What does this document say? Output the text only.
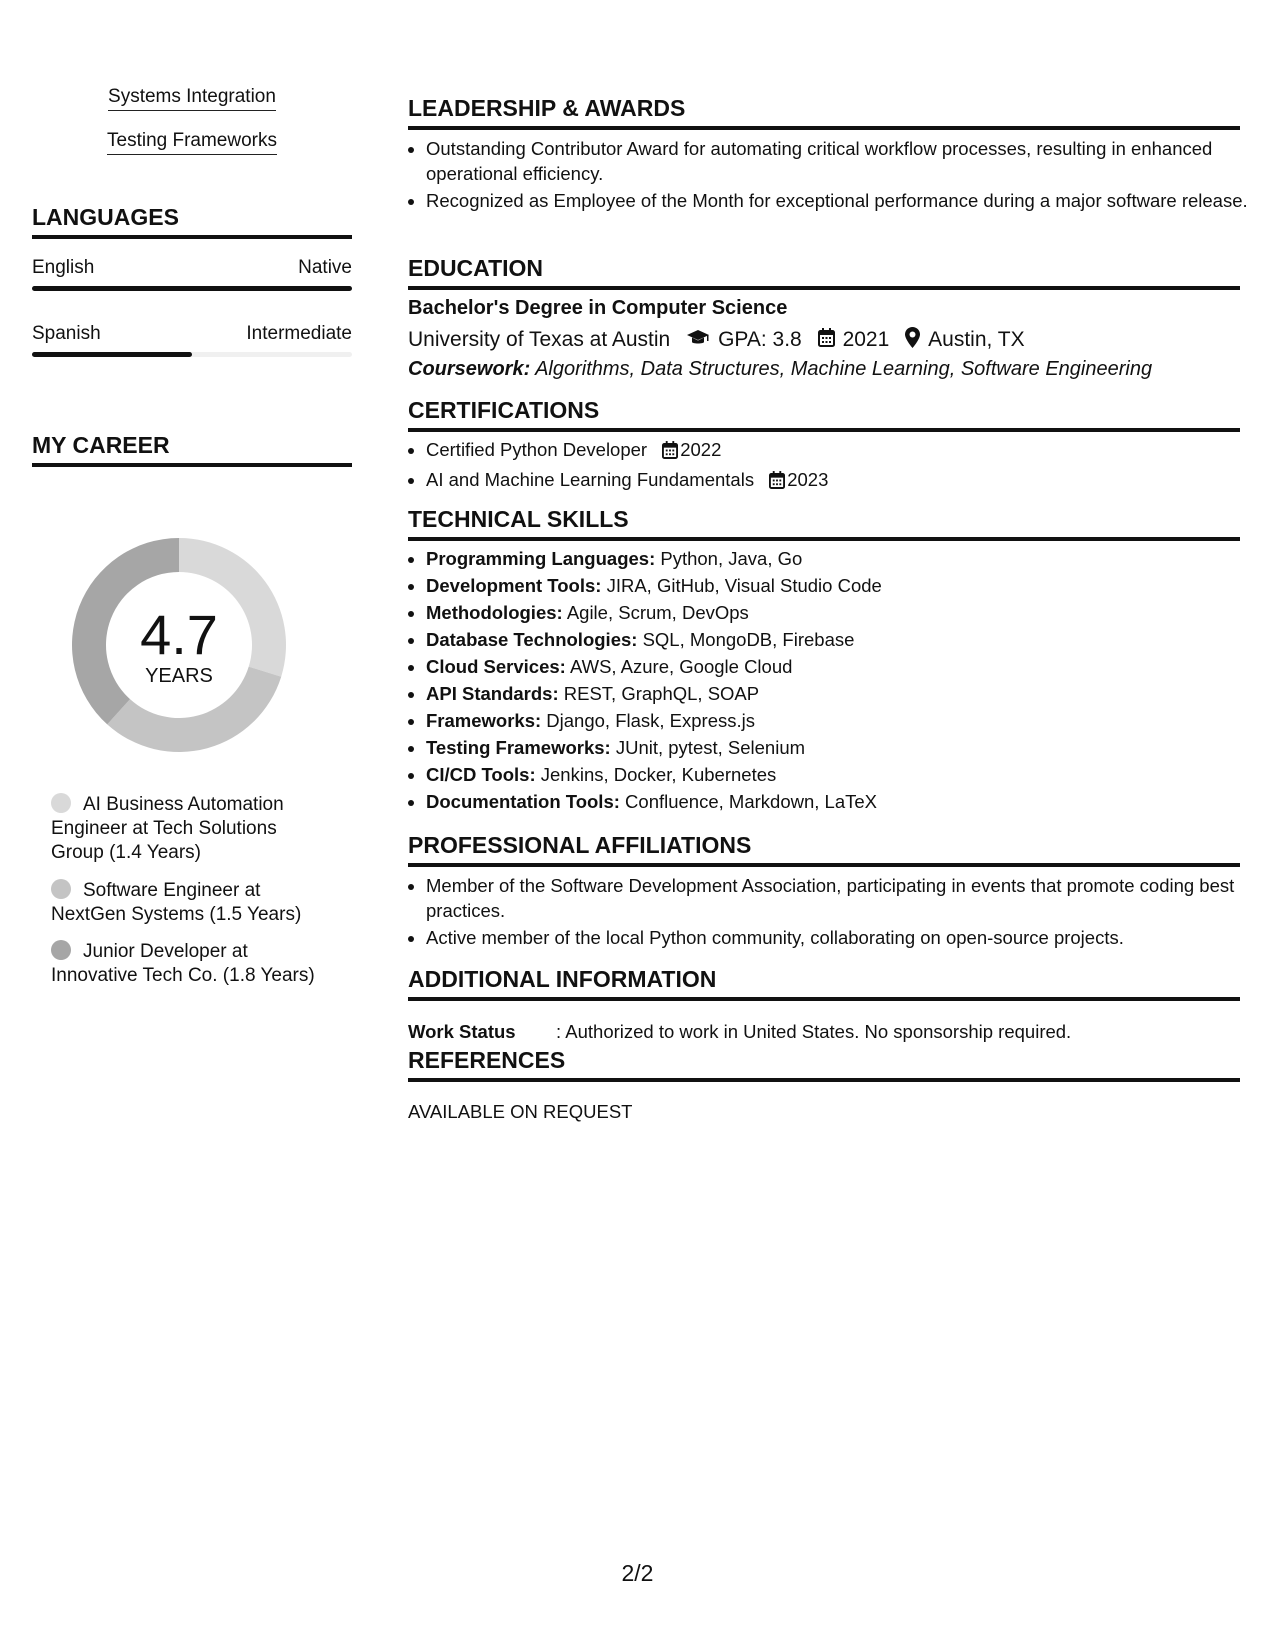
Systems Integration
Testing Frameworks
LANGUAGES
English	Native
Spanish	Intermediate
MY CAREER
4.7
YEARS
AI Business Automation Engineer at Tech Solutions Group (1.4 Years)
Software Engineer at NextGen Systems (1.5 Years)
Junior Developer at Innovative Tech Co. (1.8 Years)
LEADERSHIP & AWARDS
• Outstanding Contributor Award for automating critical workflow processes, resulting in enhanced operational efficiency.
• Recognized as Employee of the Month for exceptional performance during a major software release.
EDUCATION
Bachelor's Degree in Computer Science
University of Texas at Austin GPA: 3.8 2021 Austin, TX
Coursework: Algorithms, Data Structures, Machine Learning, Software Engineering
CERTIFICATIONS
• Certified Python Developer 2022
• AI and Machine Learning Fundamentals 2023
TECHNICAL SKILLS
• Programming Languages: Python, Java, Go
• Development Tools: JIRA, GitHub, Visual Studio Code
• Methodologies: Agile, Scrum, DevOps
• Database Technologies: SQL, MongoDB, Firebase
• Cloud Services: AWS, Azure, Google Cloud
• API Standards: REST, GraphQL, SOAP
• Frameworks: Django, Flask, Express.js
• Testing Frameworks: JUnit, pytest, Selenium
• CI/CD Tools: Jenkins, Docker, Kubernetes
• Documentation Tools: Confluence, Markdown, LaTeX
PROFESSIONAL AFFILIATIONS
• Member of the Software Development Association, participating in events that promote coding best practices.
• Active member of the local Python community, collaborating on open-source projects.
ADDITIONAL INFORMATION
Work Status : Authorized to work in United States. No sponsorship required.
REFERENCES
AVAILABLE ON REQUEST
2/2
